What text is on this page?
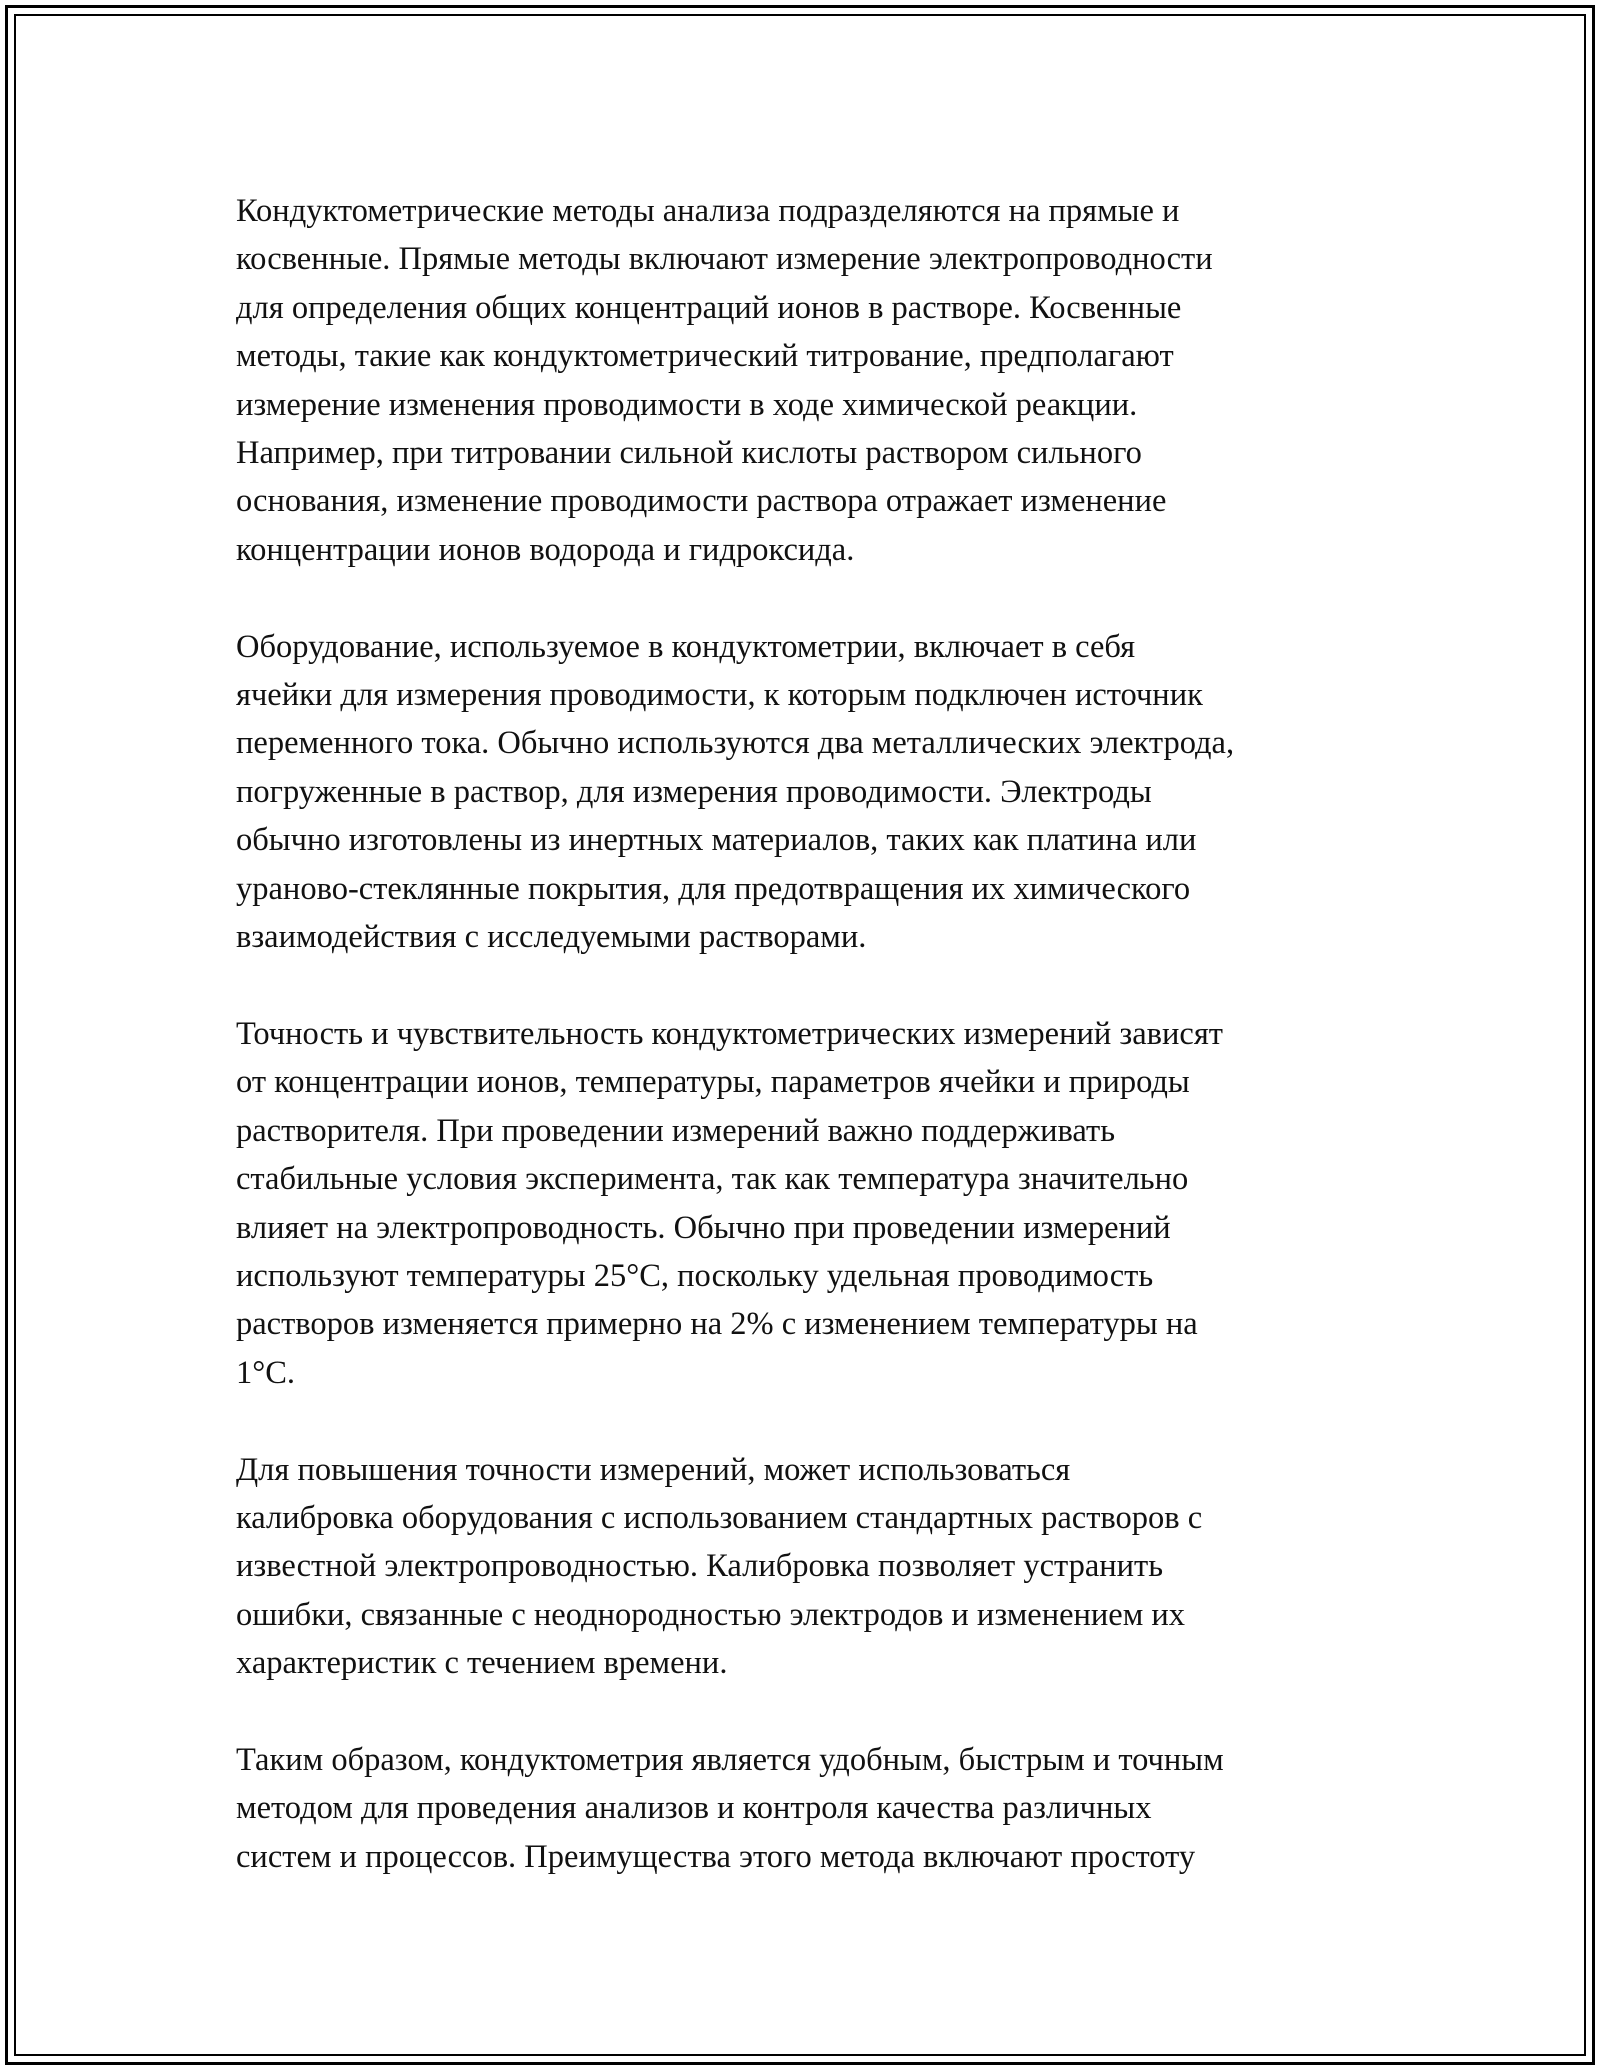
Кондуктометрические методы анализа подразделяются на прямые и
косвенные. Прямые методы включают измерение электропроводности
для определения общих концентраций ионов в растворе. Косвенные
методы, такие как кондуктометрический титрование, предполагают
измерение изменения проводимости в ходе химической реакции.
Например, при титровании сильной кислоты раствором сильного
основания, изменение проводимости раствора отражает изменение
концентрации ионов водорода и гидроксида.

Оборудование, используемое в кондуктометрии, включает в себя
ячейки для измерения проводимости, к которым подключен источник
переменного тока. Обычно используются два металлических электрода,
погруженные в раствор, для измерения проводимости. Электроды
обычно изготовлены из инертных материалов, таких как платина или
ураново-стеклянные покрытия, для предотвращения их химического
взаимодействия с исследуемыми растворами.

Точность и чувствительность кондуктометрических измерений зависят
от концентрации ионов, температуры, параметров ячейки и природы
растворителя. При проведении измерений важно поддерживать
стабильные условия эксперимента, так как температура значительно
влияет на электропроводность. Обычно при проведении измерений
используют температуры 25°C, поскольку удельная проводимость
растворов изменяется примерно на 2% с изменением температуры на
1°C.

Для повышения точности измерений, может использоваться
калибровка оборудования с использованием стандартных растворов с
известной электропроводностью. Калибровка позволяет устранить
ошибки, связанные с неоднородностью электродов и изменением их
характеристик с течением времени.

Таким образом, кондуктометрия является удобным, быстрым и точным
методом для проведения анализов и контроля качества различных
систем и процессов. Преимущества этого метода включают простоту
